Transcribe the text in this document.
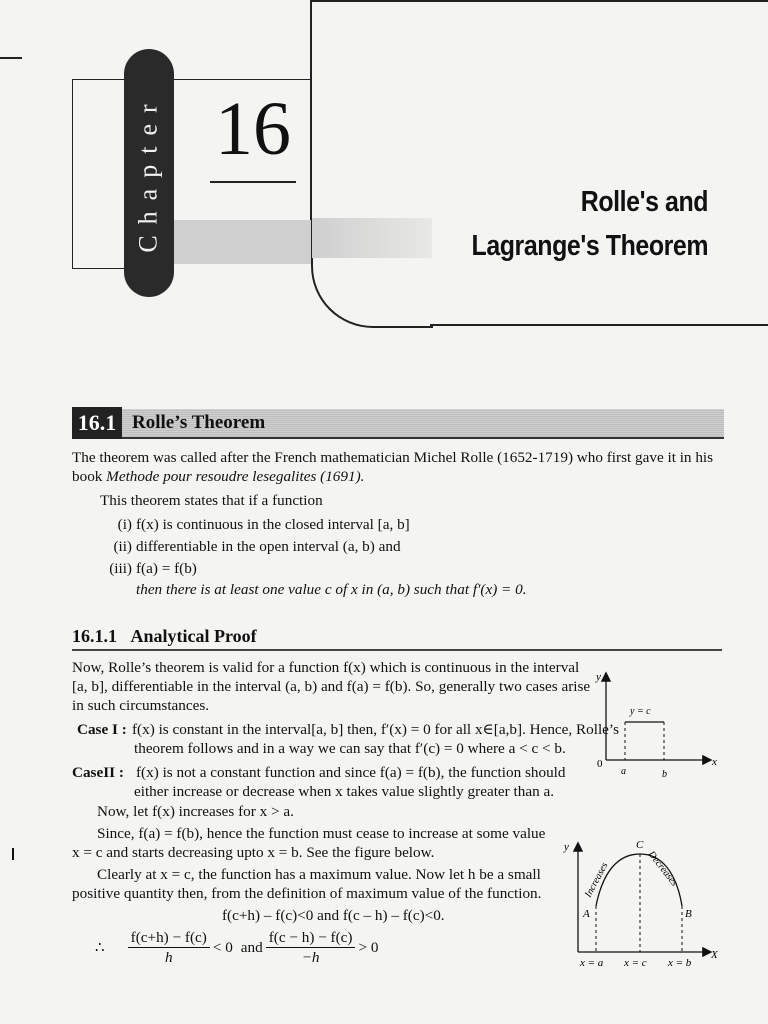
Chapter 16
Rolle's and
Lagrange's Theorem
16.1 Rolle’s Theorem
The theorem was called after the French mathematician Michel Rolle (1652-1719) who first gave it in his
book Methode pour resoudre lesegalites (1691).
This theorem states that if a function
(i) f(x) is continuous in the closed interval [a, b]
(ii) differentiable in the open interval (a, b) and
(iii) f(a) = f(b)
then there is at least one value c of x in (a, b) such that f′(x) = 0.
16.1.1 Analytical Proof
Now, Rolle’s theorem is valid for a function f(x) which is continuous in the interval
[a, b], differentiable in the interval (a, b) and f(a) = f(b). So, generally two cases arise
in such circumstances.
Case I : f(x) is constant in the interval[a, b] then, f′(x) = 0 for all x∈[a,b]. Hence, Rolle’s
theorem follows and in a way we can say that f′(c) = 0 where a < c < b.
CaseII : f(x) is not a constant function and since f(a) = f(b), the function should
either increase or decrease when x takes value slightly greater than a.
Now, let f(x) increases for x > a.
Since, f(a) = f(b), hence the function must cease to increase at some value
x = c and starts decreasing upto x = b. See the figure below.
Clearly at x = c, the function has a maximum value. Now let h be a small
positive quantity then, from the definition of maximum value of the function.
f(c+h) – f(c)<0 and f(c – h) – f(c)<0.
∴ $\frac{f(c+h) - f(c)}{h} < 0$ and $\frac{f(c - h) - f(c)}{-h} > 0$
y
x
0
y = c
a	b
y
X
Increases	Decreases
C
A	B
x = a x = c x = b
